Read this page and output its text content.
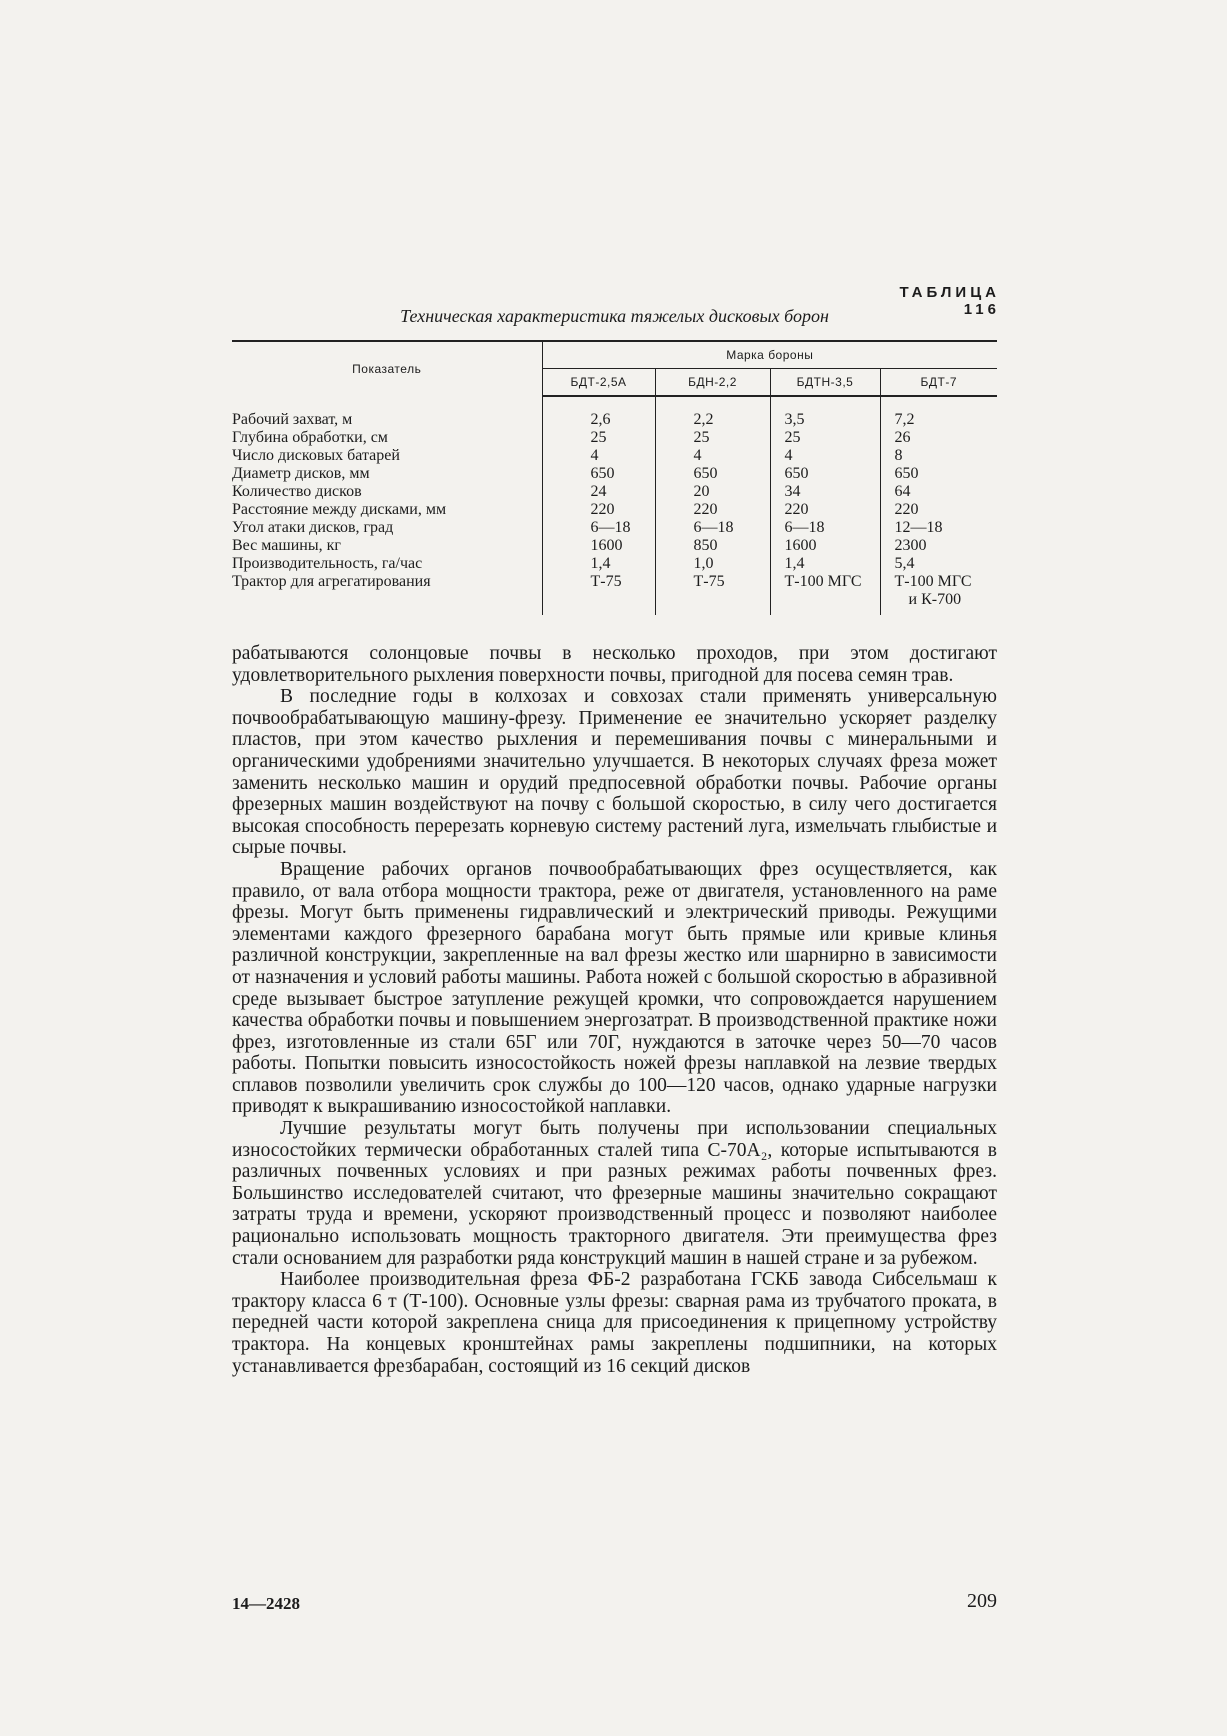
ТАБЛИЦА 116
Техническая характеристика тяжелых дисковых борон
Показатель	Марка бороны			
	БДТ-2,5А	БДН-2,2	БДТН-3,5	БДТ-7

Рабочий захват, м	2,6	2,2	3,5	7,2
Глубина обработки, см	25	25	25	26
Число дисковых батарей	4	4	4	8
Диаметр дисков, мм	650	650	650	650
Количество дисков	24	20	34	64
Расстояние между дисками, мм	220	220	220	220
Угол атаки дисков, град	6—18	6—18	6—18	12—18
Вес машины, кг	1600	850	1600	2300
Производительность, га/час	1,4	1,0	1,4	5,4
Трактор для агрегатирования	Т-75	Т-75	Т-100 МГС	Т-100 МГС
и К-700

рабатываются солонцовые почвы в несколько проходов, при этом достигают удовлетворительного рыхления поверхности почвы, пригодной для посева семян трав.

В последние годы в колхозах и совхозах стали применять универсальную почвообрабатывающую машину-фрезу. Применение ее значительно ускоряет разделку пластов, при этом качество рыхления и перемешивания почвы с минеральными и органическими удобрениями значительно улучшается. В некоторых случаях фреза может заменить несколько машин и орудий предпосевной обработки почвы. Рабочие органы фрезерных машин воздействуют на почву с большой скоростью, в силу чего достигается высокая способность перерезать корневую систему растений луга, измельчать глыбистые и сырые почвы.

Вращение рабочих органов почвообрабатывающих фрез осуществляется, как правило, от вала отбора мощности трактора, реже от двигателя, установленного на раме фрезы. Могут быть применены гидравлический и электрический приводы. Режущими элементами каждого фрезерного барабана могут быть прямые или кривые клинья различной конструкции, закрепленные на вал фрезы жестко или шарнирно в зависимости от назначения и условий работы машины. Работа ножей с большой скоростью в абразивной среде вызывает быстрое затупление режущей кромки, что сопровождается нарушением качества обработки почвы и повышением энергозатрат. В производственной практике ножи фрез, изготовленные из стали 65Г или 70Г, нуждаются в заточке через 50—70 часов работы. Попытки повысить износостойкость ножей фрезы наплавкой на лезвие твердых сплавов позволили увеличить срок службы до 100—120 часов, однако ударные нагрузки приводят к выкрашиванию износостойкой наплавки.

Лучшие результаты могут быть получены при использовании специальных износостойких термически обработанных сталей типа С-70А₂, которые испытываются в различных почвенных условиях и при разных режимах работы почвенных фрез. Большинство исследователей считают, что фрезерные машины значительно сокращают затраты труда и времени, ускоряют производственный процесс и позволяют наиболее рационально использовать мощность тракторного двигателя. Эти преимущества фрез стали основанием для разработки ряда конструкций машин в нашей стране и за рубежом.

Наиболее производительная фреза ФБ-2 разработана ГСКБ завода Сибсельмаш к трактору класса 6 т (Т-100). Основные узлы фрезы: сварная рама из трубчатого проката, в передней части которой закреплена сница для присоединения к прицепному устройству трактора. На концевых кронштейнах рамы закреплены подшипники, на которых устанавливается фрезбарабан, состоящий из 16 секций дисков

14—2428	209
